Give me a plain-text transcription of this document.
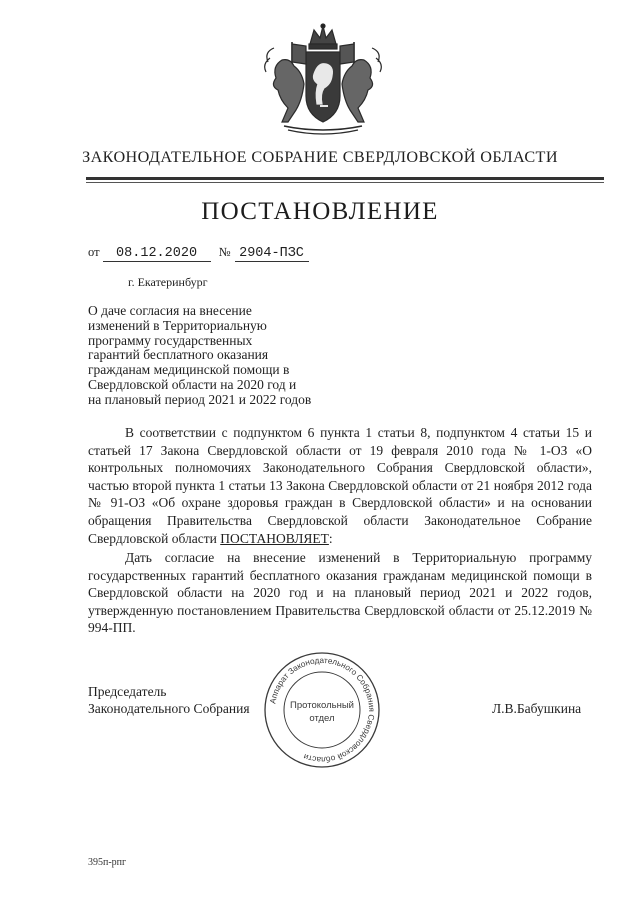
ЗАКОНОДАТЕЛЬНОЕ СОБРАНИЕ СВЕРДЛОВСКОЙ ОБЛАСТИ
ПОСТАНОВЛЕНИЕ
от 08.12.2020 № 2904-ПЗС
г. Екатеринбург
О даче согласия на внесение
изменений в Территориальную
программу государственных
гарантий бесплатного оказания
гражданам медицинской помощи в
Свердловской области на 2020 год и
на плановый период 2021 и 2022 годов

В соответствии с подпунктом 6 пункта 1 статьи 8, подпунктом 4 статьи 15 и статьей 17 Закона Свердловской области от 19 февраля 2010 года № 1-ОЗ «О контрольных полномочиях Законодательного Собрания Свердловской области», частью второй пункта 1 статьи 13 Закона Свердловской области от 21 ноября 2012 года № 91-ОЗ «Об охране здоровья граждан в Свердловской области» и на основании обращения Правительства Свердловской области Законодательное Собрание Свердловской области ПОСТАНОВЛЯЕТ:

Дать согласие на внесение изменений в Территориальную программу государственных гарантий бесплатного оказания гражданам медицинской помощи в Свердловской области на 2020 год и на плановый период 2021 и 2022 годов, утвержденную постановлением Правительства Свердловской области от 25.12.2019 № 994-ПП.

Председатель
Законодательного Собрания	Л.В.Бабушкина
Аппарат Законодательного Собрания Свердловской области
Протокольный
отдел
395п-рпг
